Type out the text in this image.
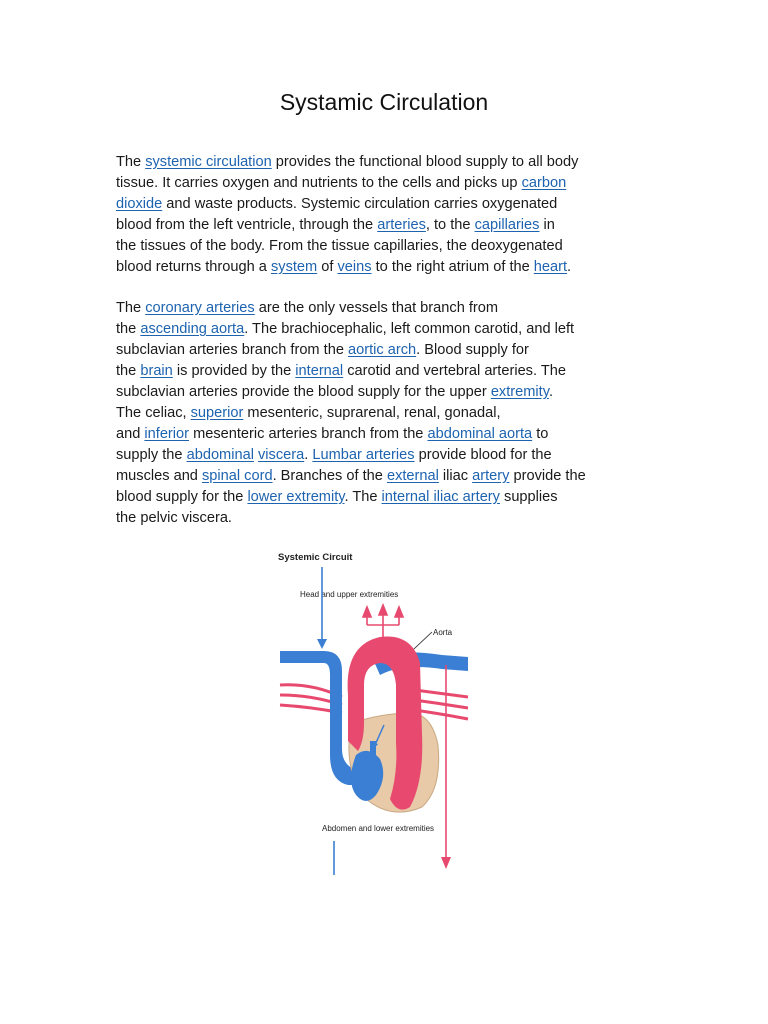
Systamic Circulation
The systemic circulation provides the functional blood supply to all body
tissue. It carries oxygen and nutrients to the cells and picks up carbon
dioxide and waste products. Systemic circulation carries oxygenated
blood from the left ventricle, through the arteries, to the capillaries in
the tissues of the body. From the tissue capillaries, the deoxygenated
blood returns through a system of veins to the right atrium of the heart.
The coronary arteries are the only vessels that branch from
the ascending aorta. The brachiocephalic, left common carotid, and left
subclavian arteries branch from the aortic arch. Blood supply for
the brain is provided by the internal carotid and vertebral arteries. The
subclavian arteries provide the blood supply for the upper extremity.
The celiac, superior mesenteric, suprarenal, renal, gonadal,
and inferior mesenteric arteries branch from the abdominal aorta to
supply the abdominal viscera. Lumbar arteries provide blood for the
muscles and spinal cord. Branches of the external iliac artery provide the
blood supply for the lower extremity. The internal iliac artery supplies
the pelvic viscera.
Systemic Circuit
Head and upper extremities
Aorta
Abdomen and lower extremities
